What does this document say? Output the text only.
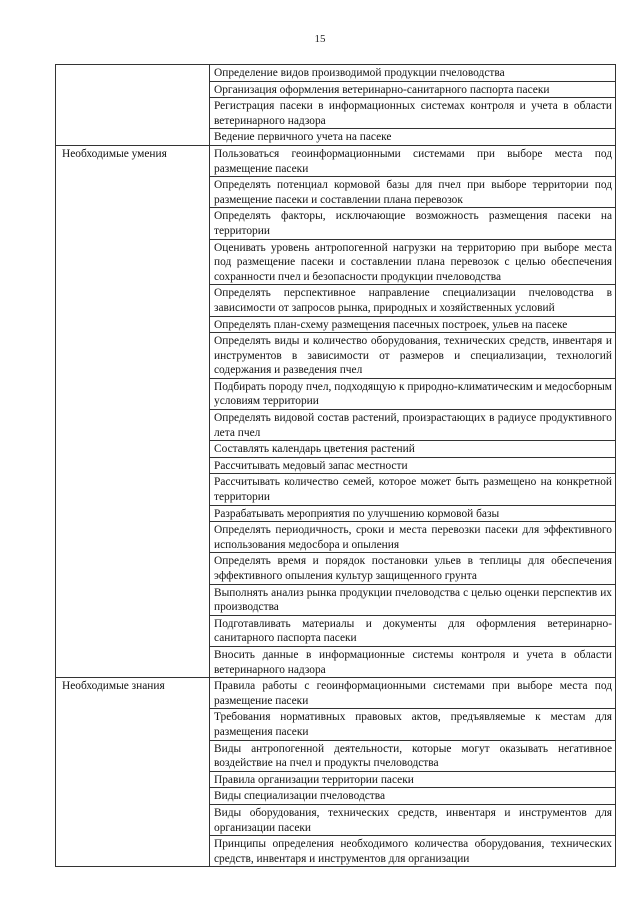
15
	Определение видов производимой продукции пчеловодства
	Организация оформления ветеринарно-санитарного паспорта пасеки
	Регистрация пасеки в информационных системах контроля и учета в области ветеринарного надзора
	Ведение первичного учета на пасеке
Необходимые умения	Пользоваться геоинформационными системами при выборе места под размещение пасеки
	Определять потенциал кормовой базы для пчел при выборе территории под размещение пасеки и составлении плана перевозок
	Определять факторы, исключающие возможность размещения пасеки на территории
	Оценивать уровень антропогенной нагрузки на территорию при выборе места под размещение пасеки и составлении плана перевозок с целью обеспечения сохранности пчел и безопасности продукции пчеловодства
	Определять перспективное направление специализации пчеловодства в зависимости от запросов рынка, природных и хозяйственных условий
	Определять план-схему размещения пасечных построек, ульев на пасеке
	Определять виды и количество оборудования, технических средств, инвентаря и инструментов в зависимости от размеров и специализации, технологий содержания и разведения пчел
	Подбирать породу пчел, подходящую к природно-климатическим и медосборным условиям территории
	Определять видовой состав растений, произрастающих в радиусе продуктивного лета пчел
	Составлять календарь цветения растений
	Рассчитывать медовый запас местности
	Рассчитывать количество семей, которое может быть размещено на конкретной территории
	Разрабатывать мероприятия по улучшению кормовой базы
	Определять периодичность, сроки и места перевозки пасеки для эффективного использования медосбора и опыления
	Определять время и порядок постановки ульев в теплицы для обеспечения эффективного опыления культур защищенного грунта
	Выполнять анализ рынка продукции пчеловодства с целью оценки перспектив их производства
	Подготавливать материалы и документы для оформления ветеринарно-санитарного паспорта пасеки
	Вносить данные в информационные системы контроля и учета в области ветеринарного надзора
Необходимые знания	Правила работы с геоинформационными системами при выборе места под размещение пасеки
	Требования нормативных правовых актов, предъявляемые к местам для размещения пасеки
	Виды антропогенной деятельности, которые могут оказывать негативное воздействие на пчел и продукты пчеловодства
	Правила организации территории пасеки
	Виды специализации пчеловодства
	Виды оборудования, технических средств, инвентаря и инструментов для организации пасеки
	Принципы определения необходимого количества оборудования, технических средств, инвентаря и инструментов для организации
